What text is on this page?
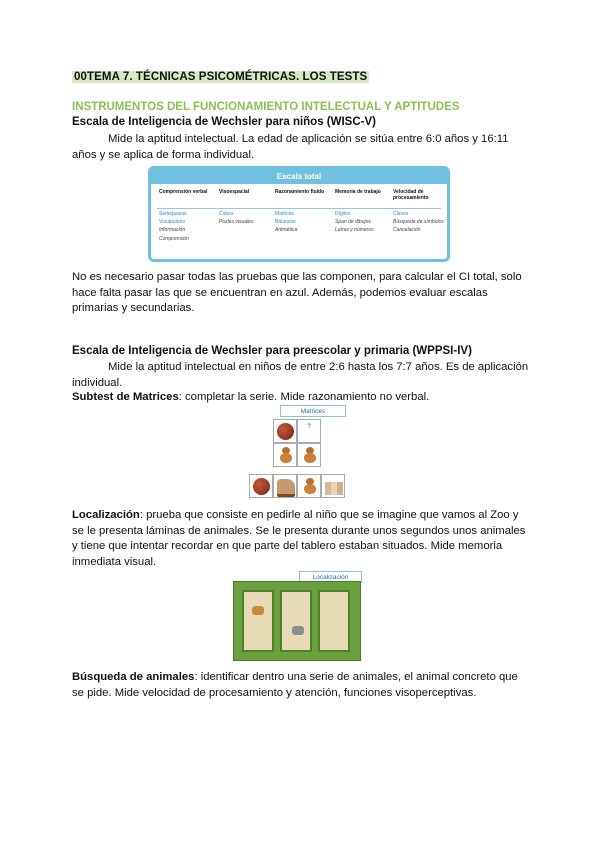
00TEMA 7. TÉCNICAS PSICOMÉTRICAS. LOS TESTS
INSTRUMENTOS DEL FUNCIONAMIENTO INTELECTUAL Y APTITUDES
Escala de Inteligencia de Wechsler para niños (WISC-V)
Mide la aptitud intelectual. La edad de aplicación se sitúa entre 6:0 años y 16:11 años y se aplica de forma individual.
Escala total
Comprensión verbal
Semejanzas
Vocabulario
Información
Comprensión
Visoespacial
Cubos
Puzles visuales
Razonamiento fluido
Matrices
Balanzas
Aritmética
Memoria de trabajo
Dígitos
Span de dibujos
Letras y números
Velocidad de procesamiento
Claves
Búsqueda de símbolos
Cancelación
No es necesario pasar todas las pruebas que las componen, para calcular el CI total, solo hace falta pasar las que se encuentran en azul. Además, podemos evaluar escalas primarias y secundarias.
Escala de Inteligencia de Wechsler para preescolar y primaria (WPPSI-IV)
Mide la aptitud intelectual en niños de entre 2:6 hasta los 7:7 años. Es de aplicación individual.
Subtest de Matrices: completar la serie. Mide razonamiento no verbal.
Matrices
?
Localización: prueba que consiste en pedirle al niño que se imagine que vamos al Zoo y se le presenta láminas de animales. Se le presenta durante unos segundos unos animales y tiene que intentar recordar en que parte del tablero estaban situados. Mide memoria inmediata visual.
Localización
Búsqueda de animales: identificar dentro una serie de animales, el animal concreto que se pide. Mide velocidad de procesamiento y atención, funciones visoperceptivas.
